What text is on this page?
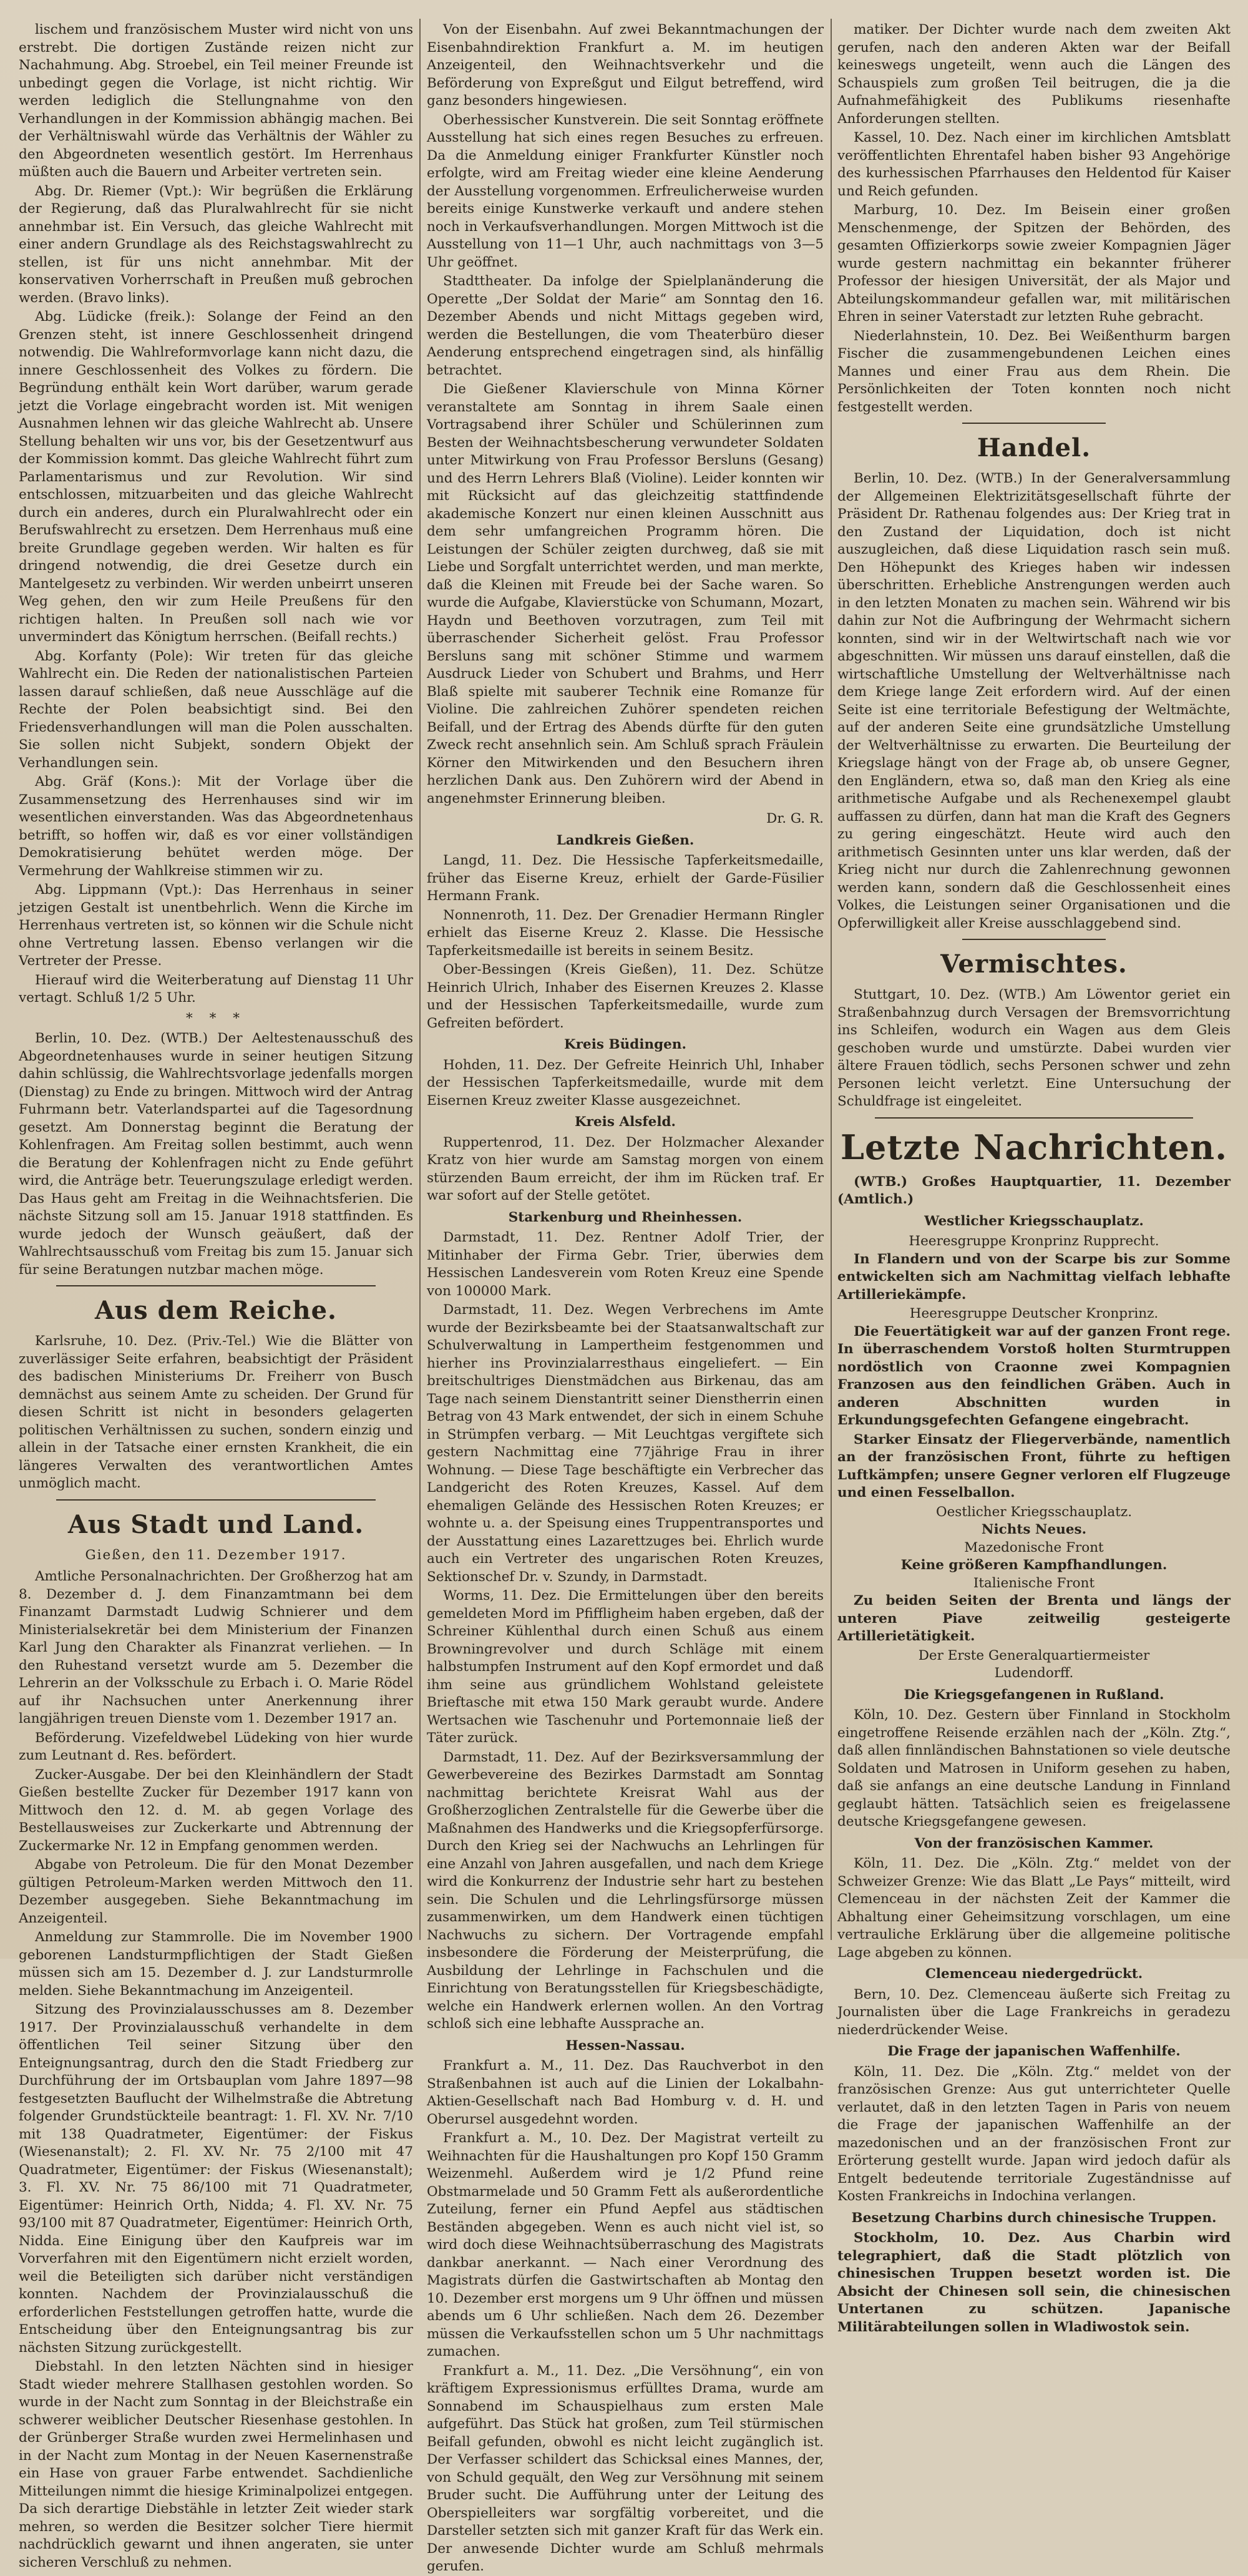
lischem und französischem Muster wird nicht von uns erstrebt. Die dortigen Zustände reizen nicht zur Nachahmung. Abg. Stroebel, ein Teil meiner Freunde ist unbedingt gegen die Vorlage, ist nicht richtig. Wir werden lediglich die Stellungnahme von den Verhandlungen in der Kommission abhängig machen. Bei der Verhältniswahl würde das Verhältnis der Wähler zu den Abgeordneten wesentlich gestört. Im Herrenhaus müßten auch die Bauern und Arbeiter vertreten sein.

Abg. Dr. Riemer (Vpt.): Wir begrüßen die Erklärung der Regierung, daß das Pluralwahlrecht für sie nicht annehmbar ist. Ein Versuch, das gleiche Wahlrecht mit einer andern Grundlage als des Reichstagswahlrecht zu stellen, ist für uns nicht annehmbar. Mit der konservativen Vorherrschaft in Preußen muß gebrochen werden. (Bravo links).

Abg. Lüdicke (freik.): Solange der Feind an den Grenzen steht, ist innere Geschlossenheit dringend notwendig. Die Wahlreformvorlage kann nicht dazu, die innere Geschlossenheit des Volkes zu fördern. Die Begründung enthält kein Wort darüber, warum gerade jetzt die Vorlage eingebracht worden ist. Mit wenigen Ausnahmen lehnen wir das gleiche Wahlrecht ab. Unsere Stellung behalten wir uns vor, bis der Gesetzentwurf aus der Kommission kommt. Das gleiche Wahlrecht führt zum Parlamentarismus und zur Revolution. Wir sind entschlossen, mitzuarbeiten und das gleiche Wahlrecht durch ein anderes, durch ein Pluralwahlrecht oder ein Berufswahlrecht zu ersetzen. Dem Herrenhaus muß eine breite Grundlage gegeben werden. Wir halten es für dringend notwendig, die drei Gesetze durch ein Mantelgesetz zu verbinden. Wir werden unbeirrt unseren Weg gehen, den wir zum Heile Preußens für den richtigen halten. In Preußen soll nach wie vor unvermindert das Königtum herrschen. (Beifall rechts.)

Abg. Korfanty (Pole): Wir treten für das gleiche Wahlrecht ein. Die Reden der nationalistischen Parteien lassen darauf schließen, daß neue Ausschläge auf die Rechte der Polen beabsichtigt sind. Bei den Friedensverhandlungen will man die Polen ausschalten. Sie sollen nicht Subjekt, sondern Objekt der Verhandlungen sein.

Abg. Gräf (Kons.): Mit der Vorlage über die Zusammensetzung des Herrenhauses sind wir im wesentlichen einverstanden. Was das Abgeordnetenhaus betrifft, so hoffen wir, daß es vor einer vollständigen Demokratisierung behütet werden möge. Der Vermehrung der Wahlkreise stimmen wir zu.

Abg. Lippmann (Vpt.): Das Herrenhaus in seiner jetzigen Gestalt ist unentbehrlich. Wenn die Kirche im Herrenhaus vertreten ist, so können wir die Schule nicht ohne Vertretung lassen. Ebenso verlangen wir die Vertreter der Presse.

Hierauf wird die Weiterberatung auf Dienstag 11 Uhr vertagt. Schluß 1/2 5 Uhr.

* * *

Berlin, 10. Dez. (WTB.) Der Aeltestenausschuß des Abgeordnetenhauses wurde in seiner heutigen Sitzung dahin schlüssig, die Wahlrechtsvorlage jedenfalls morgen (Dienstag) zu Ende zu bringen. Mittwoch wird der Antrag Fuhrmann betr. Vaterlandspartei auf die Tagesordnung gesetzt. Am Donnerstag beginnt die Beratung der Kohlenfragen. Am Freitag sollen bestimmt, auch wenn die Beratung der Kohlenfragen nicht zu Ende geführt wird, die Anträge betr. Teuerungszulage erledigt werden. Das Haus geht am Freitag in die Weihnachtsferien. Die nächste Sitzung soll am 15. Januar 1918 stattfinden. Es wurde jedoch der Wunsch geäußert, daß der Wahlrechtsausschuß vom Freitag bis zum 15. Januar sich für seine Beratungen nutzbar machen möge.

Aus dem Reiche.

Karlsruhe, 10. Dez. (Priv.-Tel.) Wie die Blätter von zuverlässiger Seite erfahren, beabsichtigt der Präsident des badischen Ministeriums Dr. Freiherr von Busch demnächst aus seinem Amte zu scheiden. Der Grund für diesen Schritt ist nicht in besonders gelagerten politischen Verhältnissen zu suchen, sondern einzig und allein in der Tatsache einer ernsten Krankheit, die ein längeres Verwalten des verantwortlichen Amtes unmöglich macht.

Aus Stadt und Land.
Gießen, den 11. Dezember 1917.

Amtliche Personalnachrichten. Der Großherzog hat am 8. Dezember d. J. dem Finanzamtmann bei dem Finanzamt Darmstadt Ludwig Schnierer und dem Ministerialsekretär bei dem Ministerium der Finanzen Karl Jung den Charakter als Finanzrat verliehen. — In den Ruhestand versetzt wurde am 5. Dezember die Lehrerin an der Volksschule zu Erbach i. O. Marie Rödel auf ihr Nachsuchen unter Anerkennung ihrer langjährigen treuen Dienste vom 1. Dezember 1917 an.

Beförderung. Vizefeldwebel Lüdeking von hier wurde zum Leutnant d. Res. befördert.

Zucker-Ausgabe. Der bei den Kleinhändlern der Stadt Gießen bestellte Zucker für Dezember 1917 kann von Mittwoch den 12. d. M. ab gegen Vorlage des Bestellausweises zur Zuckerkarte und Abtrennung der Zuckermarke Nr. 12 in Empfang genommen werden.

Abgabe von Petroleum. Die für den Monat Dezember gültigen Petroleum-Marken werden Mittwoch den 11. Dezember ausgegeben. Siehe Bekanntmachung im Anzeigenteil.

Anmeldung zur Stammrolle. Die im November 1900 geborenen Landsturmpflichtigen der Stadt Gießen müssen sich am 15. Dezember d. J. zur Landsturmrolle melden. Siehe Bekanntmachung im Anzeigenteil.

Sitzung des Provinzialausschusses am 8. Dezember 1917. Der Provinzialausschuß verhandelte in dem öffentlichen Teil seiner Sitzung über den Enteignungsantrag, durch den die Stadt Friedberg zur Durchführung der im Ortsbauplan vom Jahre 1897—98 festgesetzten Bauflucht der Wilhelmstraße die Abtretung folgender Grundstückteile beantragt: 1. Fl. XV. Nr. 7/10 mit 138 Quadratmeter, Eigentümer: der Fiskus (Wiesenanstalt); 2. Fl. XV. Nr. 75 2/100 mit 47 Quadratmeter, Eigentümer: der Fiskus (Wiesenanstalt); 3. Fl. XV. Nr. 75 86/100 mit 71 Quadratmeter, Eigentümer: Heinrich Orth, Nidda; 4. Fl. XV. Nr. 75 93/100 mit 87 Quadratmeter, Eigentümer: Heinrich Orth, Nidda. Eine Einigung über den Kaufpreis war im Vorverfahren mit den Eigentümern nicht erzielt worden, weil die Beteiligten sich darüber nicht verständigen konnten. Nachdem der Provinzialausschuß die erforderlichen Feststellungen getroffen hatte, wurde die Entscheidung über den Enteignungsantrag bis zur nächsten Sitzung zurückgestellt.

Diebstahl. In den letzten Nächten sind in hiesiger Stadt wieder mehrere Stallhasen gestohlen worden. So wurde in der Nacht zum Sonntag in der Bleichstraße ein schwerer weiblicher Deutscher Riesenhase gestohlen. In der Grünberger Straße wurden zwei Hermelinhasen und in der Nacht zum Montag in der Neuen Kasernenstraße ein Hase von grauer Farbe entwendet. Sachdienliche Mitteilungen nimmt die hiesige Kriminalpolizei entgegen. Da sich derartige Diebstähle in letzter Zeit wieder stark mehren, so werden die Besitzer solcher Tiere hiermit nachdrücklich gewarnt und ihnen angeraten, sie unter sicheren Verschluß zu nehmen.

Von der Eisenbahn. Auf zwei Bekanntmachungen der Eisenbahndirektion Frankfurt a. M. im heutigen Anzeigenteil, den Weihnachtsverkehr und die Beförderung von Expreßgut und Eilgut betreffend, wird ganz besonders hingewiesen.

Oberhessischer Kunstverein. Die seit Sonntag eröffnete Ausstellung hat sich eines regen Besuches zu erfreuen. Da die Anmeldung einiger Frankfurter Künstler noch erfolgte, wird am Freitag wieder eine kleine Aenderung der Ausstellung vorgenommen. Erfreulicherweise wurden bereits einige Kunstwerke verkauft und andere stehen noch in Verkaufsverhandlungen. Morgen Mittwoch ist die Ausstellung von 11—1 Uhr, auch nachmittags von 3—5 Uhr geöffnet.

Stadttheater. Da infolge der Spielplanänderung die Operette „Der Soldat der Marie“ am Sonntag den 16. Dezember Abends und nicht Mittags gegeben wird, werden die Bestellungen, die vom Theaterbüro dieser Aenderung entsprechend eingetragen sind, als hinfällig betrachtet.

Die Gießener Klavierschule von Minna Körner veranstaltete am Sonntag in ihrem Saale einen Vortragsabend ihrer Schüler und Schülerinnen zum Besten der Weihnachtsbescherung verwundeter Soldaten unter Mitwirkung von Frau Professor Bersluns (Gesang) und des Herrn Lehrers Blaß (Violine). Leider konnten wir mit Rücksicht auf das gleichzeitig stattfindende akademische Konzert nur einen kleinen Ausschnitt aus dem sehr umfangreichen Programm hören. Die Leistungen der Schüler zeigten durchweg, daß sie mit Liebe und Sorgfalt unterrichtet werden, und man merkte, daß die Kleinen mit Freude bei der Sache waren. So wurde die Aufgabe, Klavierstücke von Schumann, Mozart, Haydn und Beethoven vorzutragen, zum Teil mit überraschender Sicherheit gelöst. Frau Professor Bersluns sang mit schöner Stimme und warmem Ausdruck Lieder von Schubert und Brahms, und Herr Blaß spielte mit sauberer Technik eine Romanze für Violine. Die zahlreichen Zuhörer spendeten reichen Beifall, und der Ertrag des Abends dürfte für den guten Zweck recht ansehnlich sein. Am Schluß sprach Fräulein Körner den Mitwirkenden und den Besuchern ihren herzlichen Dank aus. Den Zuhörern wird der Abend in angenehmster Erinnerung bleiben.

Dr. G. R.
Landkreis Gießen.

Langd, 11. Dez. Die Hessische Tapferkeitsmedaille, früher das Eiserne Kreuz, erhielt der Garde-Füsilier Hermann Frank.

Nonnenroth, 11. Dez. Der Grenadier Hermann Ringler erhielt das Eiserne Kreuz 2. Klasse. Die Hessische Tapferkeitsmedaille ist bereits in seinem Besitz.

Ober-Bessingen (Kreis Gießen), 11. Dez. Schütze Heinrich Ulrich, Inhaber des Eisernen Kreuzes 2. Klasse und der Hessischen Tapferkeitsmedaille, wurde zum Gefreiten befördert.

Kreis Büdingen.

Hohden, 11. Dez. Der Gefreite Heinrich Uhl, Inhaber der Hessischen Tapferkeitsmedaille, wurde mit dem Eisernen Kreuz zweiter Klasse ausgezeichnet.

Kreis Alsfeld.

Ruppertenrod, 11. Dez. Der Holzmacher Alexander Kratz von hier wurde am Samstag morgen von einem stürzenden Baum erreicht, der ihm im Rücken traf. Er war sofort auf der Stelle getötet.

Starkenburg und Rheinhessen.

Darmstadt, 11. Dez. Rentner Adolf Trier, der Mitinhaber der Firma Gebr. Trier, überwies dem Hessischen Landesverein vom Roten Kreuz eine Spende von 100000 Mark.

Darmstadt, 11. Dez. Wegen Verbrechens im Amte wurde der Bezirksbeamte bei der Staatsanwaltschaft zur Schulverwaltung in Lampertheim festgenommen und hierher ins Provinzialarresthaus eingeliefert. — Ein breitschultriges Dienstmädchen aus Birkenau, das am Tage nach seinem Dienstantritt seiner Dienstherrin einen Betrag von 43 Mark entwendet, der sich in einem Schuhe in Strümpfen verbarg. — Mit Leuchtgas vergiftete sich gestern Nachmittag eine 77jährige Frau in ihrer Wohnung. — Diese Tage beschäftigte ein Verbrecher das Landgericht des Roten Kreuzes, Kassel. Auf dem ehemaligen Gelände des Hessischen Roten Kreuzes; er wohnte u. a. der Speisung eines Truppentransportes und der Ausstattung eines Lazarettzuges bei. Ehrlich wurde auch ein Vertreter des ungarischen Roten Kreuzes, Sektionschef Dr. v. Szundy, in Darmstadt.

Worms, 11. Dez. Die Ermittelungen über den bereits gemeldeten Mord im Pfiffligheim haben ergeben, daß der Schreiner Kühlenthal durch einen Schuß aus einem Browningrevolver und durch Schläge mit einem halbstumpfen Instrument auf den Kopf ermordet und daß ihm seine aus gründlichem Wohlstand geleistete Brieftasche mit etwa 150 Mark geraubt wurde. Andere Wertsachen wie Taschenuhr und Portemonnaie ließ der Täter zurück.

Darmstadt, 11. Dez. Auf der Bezirksversammlung der Gewerbevereine des Bezirkes Darmstadt am Sonntag nachmittag berichtete Kreisrat Wahl aus der Großherzoglichen Zentralstelle für die Gewerbe über die Maßnahmen des Handwerks und die Kriegsopferfürsorge. Durch den Krieg sei der Nachwuchs an Lehrlingen für eine Anzahl von Jahren ausgefallen, und nach dem Kriege wird die Konkurrenz der Industrie sehr hart zu bestehen sein. Die Schulen und die Lehrlingsfürsorge müssen zusammenwirken, um dem Handwerk einen tüchtigen Nachwuchs zu sichern. Der Vortragende empfahl insbesondere die Förderung der Meisterprüfung, die Ausbildung der Lehrlinge in Fachschulen und die Einrichtung von Beratungsstellen für Kriegsbeschädigte, welche ein Handwerk erlernen wollen. An den Vortrag schloß sich eine lebhafte Aussprache an.

Hessen-Nassau.

Frankfurt a. M., 11. Dez. Das Rauchverbot in den Straßenbahnen ist auch auf die Linien der Lokalbahn-Aktien-Gesellschaft nach Bad Homburg v. d. H. und Oberursel ausgedehnt worden.

Frankfurt a. M., 10. Dez. Der Magistrat verteilt zu Weihnachten für die Haushaltungen pro Kopf 150 Gramm Weizenmehl. Außerdem wird je 1/2 Pfund reine Obstmarmelade und 50 Gramm Fett als außerordentliche Zuteilung, ferner ein Pfund Aepfel aus städtischen Beständen abgegeben. Wenn es auch nicht viel ist, so wird doch diese Weihnachtsüberraschung des Magistrats dankbar anerkannt. — Nach einer Verordnung des Magistrats dürfen die Gastwirtschaften ab Montag den 10. Dezember erst morgens um 9 Uhr öffnen und müssen abends um 6 Uhr schließen. Nach dem 26. Dezember müssen die Verkaufsstellen schon um 5 Uhr nachmittags zumachen.

Frankfurt a. M., 11. Dez. „Die Versöhnung“, ein von kräftigem Expressionismus erfülltes Drama, wurde am Sonnabend im Schauspielhaus zum ersten Male aufgeführt. Das Stück hat großen, zum Teil stürmischen Beifall gefunden, obwohl es nicht leicht zugänglich ist. Der Verfasser schildert das Schicksal eines Mannes, der, von Schuld gequält, den Weg zur Versöhnung mit seinem Bruder sucht. Die Aufführung unter der Leitung des Oberspielleiters war sorgfältig vorbereitet, und die Darsteller setzten sich mit ganzer Kraft für das Werk ein. Der anwesende Dichter wurde am Schluß mehrmals gerufen.

matiker. Der Dichter wurde nach dem zweiten Akt gerufen, nach den anderen Akten war der Beifall keineswegs ungeteilt, wenn auch die Längen des Schauspiels zum großen Teil beitrugen, die ja die Aufnahmefähigkeit des Publikums riesenhafte Anforderungen stellten.

Kassel, 10. Dez. Nach einer im kirchlichen Amtsblatt veröffentlichten Ehrentafel haben bisher 93 Angehörige des kurhessischen Pfarrhauses den Heldentod für Kaiser und Reich gefunden.

Marburg, 10. Dez. Im Beisein einer großen Menschenmenge, der Spitzen der Behörden, des gesamten Offizierkorps sowie zweier Kompagnien Jäger wurde gestern nachmittag ein bekannter früherer Professor der hiesigen Universität, der als Major und Abteilungskommandeur gefallen war, mit militärischen Ehren in seiner Vaterstadt zur letzten Ruhe gebracht.

Niederlahnstein, 10. Dez. Bei Weißenthurm bargen Fischer die zusammengebundenen Leichen eines Mannes und einer Frau aus dem Rhein. Die Persönlichkeiten der Toten konnten noch nicht festgestellt werden.

Handel.

Berlin, 10. Dez. (WTB.) In der Generalversammlung der Allgemeinen Elektrizitätsgesellschaft führte der Präsident Dr. Rathenau folgendes aus: Der Krieg trat in den Zustand der Liquidation, doch ist nicht auszugleichen, daß diese Liquidation rasch sein muß. Den Höhepunkt des Krieges haben wir indessen überschritten. Erhebliche Anstrengungen werden auch in den letzten Monaten zu machen sein. Während wir bis dahin zur Not die Aufbringung der Wehrmacht sichern konnten, sind wir in der Weltwirtschaft nach wie vor abgeschnitten. Wir müssen uns darauf einstellen, daß die wirtschaftliche Umstellung der Weltverhältnisse nach dem Kriege lange Zeit erfordern wird. Auf der einen Seite ist eine territoriale Befestigung der Weltmächte, auf der anderen Seite eine grundsätzliche Umstellung der Weltverhältnisse zu erwarten. Die Beurteilung der Kriegslage hängt von der Frage ab, ob unsere Gegner, den Engländern, etwa so, daß man den Krieg als eine arithmetische Aufgabe und als Rechenexempel glaubt auffassen zu dürfen, dann hat man die Kraft des Gegners zu gering eingeschätzt. Heute wird auch den arithmetisch Gesinnten unter uns klar werden, daß der Krieg nicht nur durch die Zahlenrechnung gewonnen werden kann, sondern daß die Geschlossenheit eines Volkes, die Leistungen seiner Organisationen und die Opferwilligkeit aller Kreise ausschlaggebend sind.

Vermischtes.

Stuttgart, 10. Dez. (WTB.) Am Löwentor geriet ein Straßenbahnzug durch Versagen der Bremsvorrichtung ins Schleifen, wodurch ein Wagen aus dem Gleis geschoben wurde und umstürzte. Dabei wurden vier ältere Frauen tödlich, sechs Personen schwer und zehn Personen leicht verletzt. Eine Untersuchung der Schuldfrage ist eingeleitet.

Letzte Nachrichten.

(WTB.) Großes Hauptquartier, 11. Dezember (Amtlich.)

Westlicher Kriegsschauplatz.
Heeresgruppe Kronprinz Rupprecht.

In Flandern und von der Scarpe bis zur Somme entwickelten sich am Nachmittag vielfach lebhafte Artilleriekämpfe.

Heeresgruppe Deutscher Kronprinz.

Die Feuertätigkeit war auf der ganzen Front rege. In überraschendem Vorstoß holten Sturmtruppen nordöstlich von Craonne zwei Kompagnien Franzosen aus den feindlichen Gräben. Auch in anderen Abschnitten wurden in Erkundungsgefechten Gefangene eingebracht.

Starker Einsatz der Fliegerverbände, namentlich an der französischen Front, führte zu heftigen Luftkämpfen; unsere Gegner verloren elf Flugzeuge und einen Fesselballon.

Oestlicher Kriegsschauplatz.
Nichts Neues.
Mazedonische Front
Keine größeren Kampfhandlungen.
Italienische Front

Zu beiden Seiten der Brenta und längs der unteren Piave zeitweilig gesteigerte Artillerietätigkeit.

Der Erste Generalquartiermeister
Ludendorff.
Die Kriegsgefangenen in Rußland.

Köln, 10. Dez. Gestern über Finnland in Stockholm eingetroffene Reisende erzählen nach der „Köln. Ztg.“, daß allen finnländischen Bahnstationen so viele deutsche Soldaten und Matrosen in Uniform gesehen zu haben, daß sie anfangs an eine deutsche Landung in Finnland geglaubt hätten. Tatsächlich seien es freigelassene deutsche Kriegsgefangene gewesen.

Von der französischen Kammer.

Köln, 11. Dez. Die „Köln. Ztg.“ meldet von der Schweizer Grenze: Wie das Blatt „Le Pays“ mitteilt, wird Clemenceau in der nächsten Zeit der Kammer die Abhaltung einer Geheimsitzung vorschlagen, um eine vertrauliche Erklärung über die allgemeine politische Lage abgeben zu können.

Clemenceau niedergedrückt.

Bern, 10. Dez. Clemenceau äußerte sich Freitag zu Journalisten über die Lage Frankreichs in geradezu niederdrückender Weise.

Die Frage der japanischen Waffenhilfe.

Köln, 11. Dez. Die „Köln. Ztg.“ meldet von der französischen Grenze: Aus gut unterrichteter Quelle verlautet, daß in den letzten Tagen in Paris von neuem die Frage der japanischen Waffenhilfe an der mazedonischen und an der französischen Front zur Erörterung gestellt wurde. Japan wird jedoch dafür als Entgelt bedeutende territoriale Zugeständnisse auf Kosten Frankreichs in Indochina verlangen.

Besetzung Charbins durch chinesische Truppen.

Stockholm, 10. Dez. Aus Charbin wird telegraphiert, daß die Stadt plötzlich von chinesischen Truppen besetzt worden ist. Die Absicht der Chinesen soll sein, die chinesischen Untertanen zu schützen. Japanische Militärabteilungen sollen in Wladiwostok sein.
